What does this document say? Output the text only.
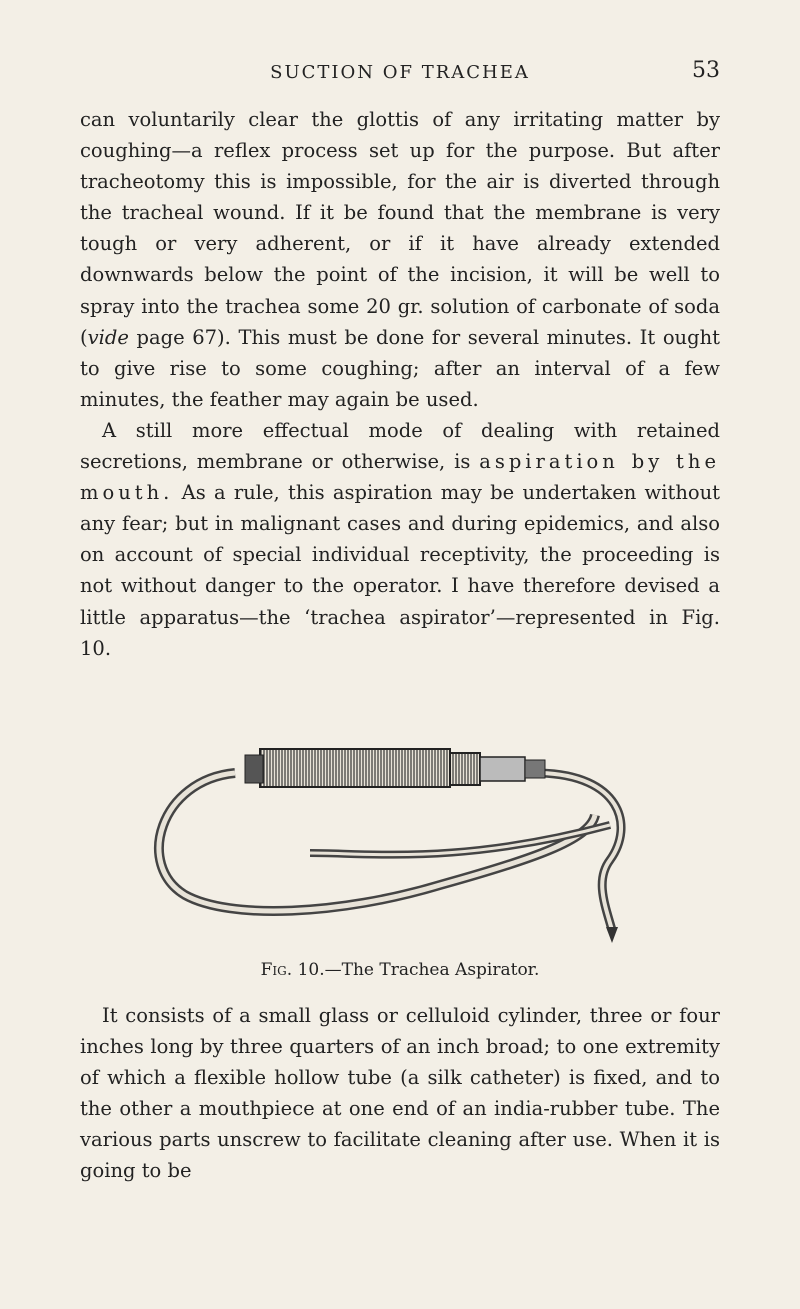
SUCTION OF TRACHEA	53

can voluntarily clear the glottis of any irritating matter by coughing—a reflex process set up for the purpose. But after tracheotomy this is impossible, for the air is diverted through the tracheal wound. If it be found that the membrane is very tough or very adherent, or if it have already extended downwards below the point of the incision, it will be well to spray into the trachea some 20 gr. solution of carbonate of soda (vide page 67). This must be done for several minutes. It ought to give rise to some coughing; after an interval of a few minutes, the feather may again be used.

A still more effectual mode of dealing with retained secretions, membrane or otherwise, is aspiration by the mouth. As a rule, this aspiration may be undertaken without any fear; but in malignant cases and during epidemics, and also on account of special individual receptivity, the proceeding is not without danger to the operator. I have therefore devised a little apparatus—the ‘trachea aspirator’—represented in Fig. 10.

Fig. 10.—The Trachea Aspirator.

It consists of a small glass or celluloid cylinder, three or four inches long by three quarters of an inch broad; to one extremity of which a flexible hollow tube (a silk catheter) is fixed, and to the other a mouthpiece at one end of an india-rubber tube. The various parts unscrew to facilitate cleaning after use. When it is going to be
